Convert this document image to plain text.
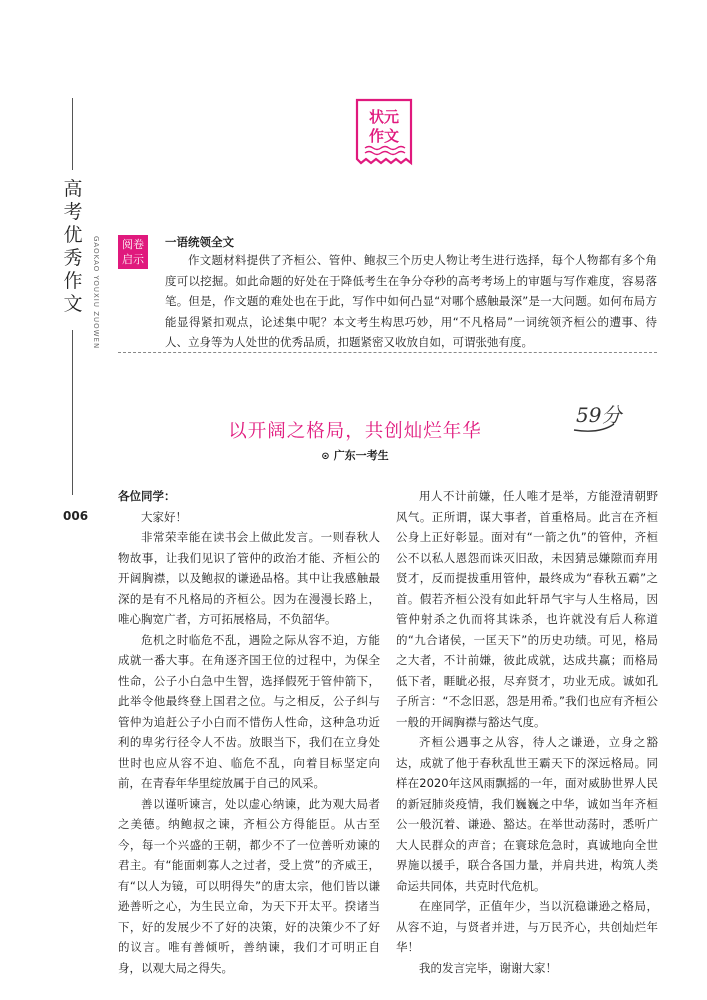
高
考
优
秀
作
文	GAOKAO YOUXIU ZUOWEN
006
状元
作文
阅卷
启示
一语统领全文
作文题材料提供了齐桓公、管仲、鲍叔三个历史人物让考生进行选择，每个人物都有多个角度可以挖掘。如此命题的好处在于降低考生在争分夺秒的高考考场上的审题与写作难度，容易落笔。但是，作文题的难处也在于此，写作中如何凸显“对哪个感触最深”是一大问题。如何布局方能显得紧扣观点，论述集中呢？本文考生构思巧妙，用“不凡格局”一词统领齐桓公的遭事、待人、立身等为人处世的优秀品质，扣题紧密又收放自如，可谓张弛有度。
以开阔之格局，共创灿烂年华
59分
⊙ 广东一考生

各位同学：

大家好！

非常荣幸能在读书会上做此发言。一则春秋人物故事，让我们见识了管仲的政治才能、齐桓公的开阔胸襟，以及鲍叔的谦逊品格。其中让我感触最深的是有不凡格局的齐桓公。因为在漫漫长路上，唯心胸宽广者，方可拓展格局，不负韶华。

危机之时临危不乱，遇险之际从容不迫，方能成就一番大事。在角逐齐国王位的过程中，为保全性命，公子小白急中生智，选择假死于管仲箭下，此举令他最终登上国君之位。与之相反，公子纠与管仲为追赶公子小白而不惜伤人性命，这种急功近利的卑劣行径令人不齿。放眼当下，我们在立身处世时也应从容不迫、临危不乱，向着目标坚定向前，在青春年华里绽放属于自己的风采。

善以谨听谏言，处以虚心纳谏，此为观大局者之美德。纳鲍叔之谏，齐桓公方得能臣。从古至今，每一个兴盛的王朝，都少不了一位善听劝谏的君主。有“能面刺寡人之过者，受上赏”的齐威王，有“以人为镜，可以明得失”的唐太宗，他们皆以谦逊善听之心，为生民立命，为天下开太平。揆诸当下，好的发展少不了好的决策，好的决策少不了好的议言。唯有善倾听，善纳谏，我们才可明正自身，以观大局之得失。

用人不计前嫌，任人唯才是举，方能澄清朝野风气。正所谓，谋大事者，首重格局。此言在齐桓公身上正好彰显。面对有“一箭之仇”的管仲，齐桓公不以私人恩怨而诛灭旧敌，未因猜忌嫌隙而弃用贤才，反而提拔重用管仲，最终成为“春秋五霸”之首。假若齐桓公没有如此轩昂气宇与人生格局，因管仲射杀之仇而将其诛杀，也许就没有后人称道的“九合诸侯，一匡天下”的历史功绩。可见，格局之大者，不计前嫌，彼此成就，达成共赢；而格局低下者，睚眦必报，尽弃贤才，功业无成。诚如孔子所言：“不念旧恶，怨是用希。”我们也应有齐桓公一般的开阔胸襟与豁达气度。

齐桓公遇事之从容，待人之谦逊，立身之豁达，成就了他于春秋乱世王霸天下的深远格局。同样在2020年这风雨飘摇的一年，面对威胁世界人民的新冠肺炎疫情，我们巍巍之中华，诚如当年齐桓公一般沉着、谦逊、豁达。在举世动荡时，悉听广大人民群众的声音；在寰球危急时，真诚地向全世界施以援手，联合各国力量，并肩共进，构筑人类命运共同体，共克时代危机。

在座同学，正值年少，当以沉稳谦逊之格局，从容不迫，与贤者并进，与万民齐心，共创灿烂年华！

我的发言完毕，谢谢大家！
